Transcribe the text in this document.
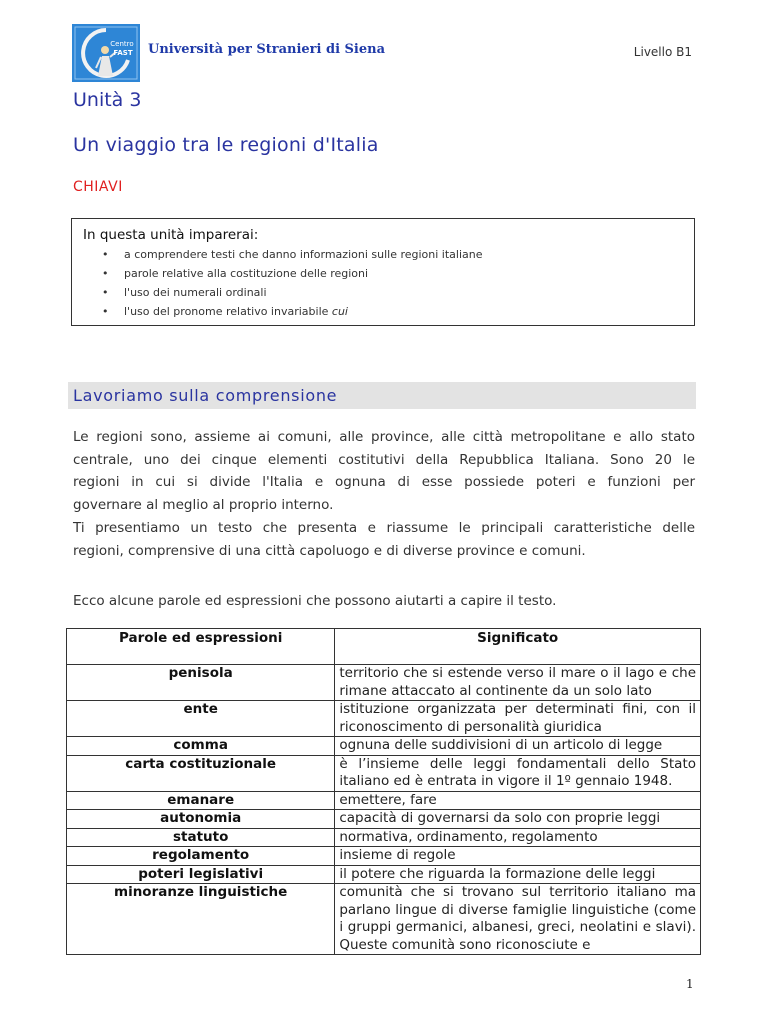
Centro
FAST Università per Stranieri di Siena	Livello B1
Unità 3
Un viaggio tra le regioni d'Italia
CHIAVI
In questa unità imparerai:
• a comprendere testi che danno informazioni sulle regioni italiane
• parole relative alla costituzione delle regioni
• l'uso dei numerali ordinali
• l'uso del pronome relativo invariabile cui
Lavoriamo sulla comprensione
Le regioni sono, assieme ai comuni, alle province, alle città metropolitane e allo stato
centrale, uno dei cinque elementi costitutivi della Repubblica Italiana. Sono 20 le
regioni in cui si divide l'Italia e ognuna di esse possiede poteri e funzioni per
governare al meglio al proprio interno.
Ti presentiamo un testo che presenta e riassume le principali caratteristiche delle
regioni, comprensive di una città capoluogo e di diverse province e comuni.
Ecco alcune parole ed espressioni che possono aiutarti a capire il testo.
Parole ed espressioni	Significato
penisola	territorio che si estende verso il mare o il lago e che rimane attaccato al continente da un solo lato
ente	istituzione organizzata per determinati fini, con il riconoscimento di personalità giuridica
comma	ognuna delle suddivisioni di un articolo di legge
carta costituzionale	è l’insieme delle leggi fondamentali dello Stato italiano ed è entrata in vigore il 1º gennaio 1948.
emanare	emettere, fare
autonomia	capacità di governarsi da solo con proprie leggi
statuto	normativa, ordinamento, regolamento
regolamento	insieme di regole
poteri legislativi	il potere che riguarda la formazione delle leggi
minoranze linguistiche	comunità che si trovano sul territorio italiano ma parlano lingue di diverse famiglie linguistiche (come i gruppi germanici, albanesi, greci, neolatini e slavi). Queste comunità sono riconosciute e
1
